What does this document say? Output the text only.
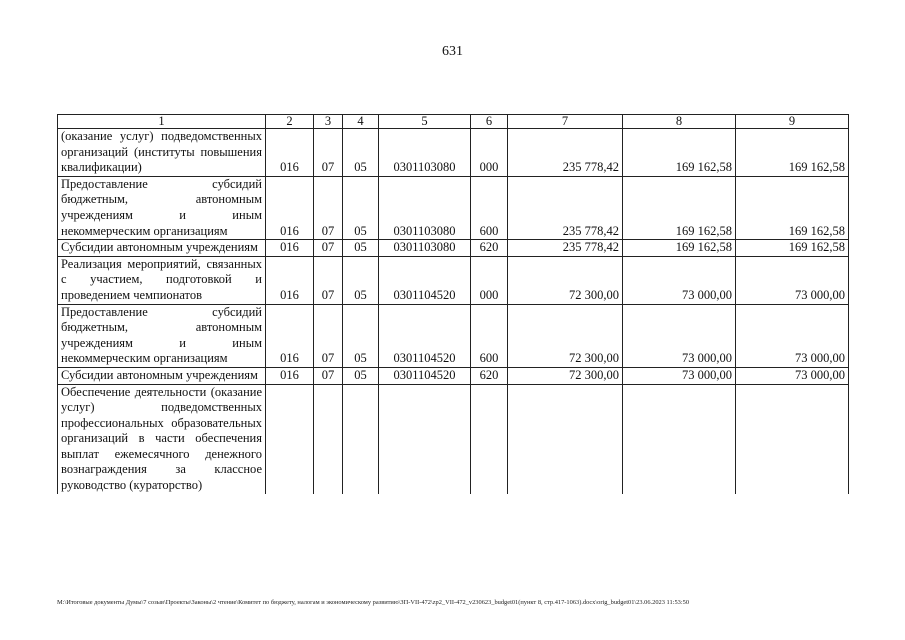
631
1	2	3	4	5	6	7	8	9
(оказание услуг) подведомственных организаций (институты повышения квалификации)	016	07	05	0301103080	000	235 778,42	169 162,58	169 162,58
Предоставление субсидий бюджетным, автономным учреждениям и иным некоммерческим организациям	016	07	05	0301103080	600	235 778,42	169 162,58	169 162,58
Субсидии автономным учреждениям	016	07	05	0301103080	620	235 778,42	169 162,58	169 162,58
Реализация мероприятий, связанных с участием, подготовкой и проведением чемпионатов	016	07	05	0301104520	000	72 300,00	73 000,00	73 000,00
Предоставление субсидий бюджетным, автономным учреждениям и иным некоммерческим организациям	016	07	05	0301104520	600	72 300,00	73 000,00	73 000,00
Субсидии автономным учреждениям	016	07	05	0301104520	620	72 300,00	73 000,00	73 000,00
Обеспечение деятельности (оказание услуг) подведомственных профессиональных образовательных организаций в части обеспечения выплат ежемесячного денежного вознаграждения за классное руководство (кураторство)								
M:\Итоговые документы Думы\7 созыв\Проекты\Законы\2 чтение\Комитет по бюджету, налогам и экономическому развитию\ЗП-VII-472\zp2_VII-472_v230623_budget01(пункт 8, стр.417-1063).docx\orig_budget01\23.06.2023 11:53:50
